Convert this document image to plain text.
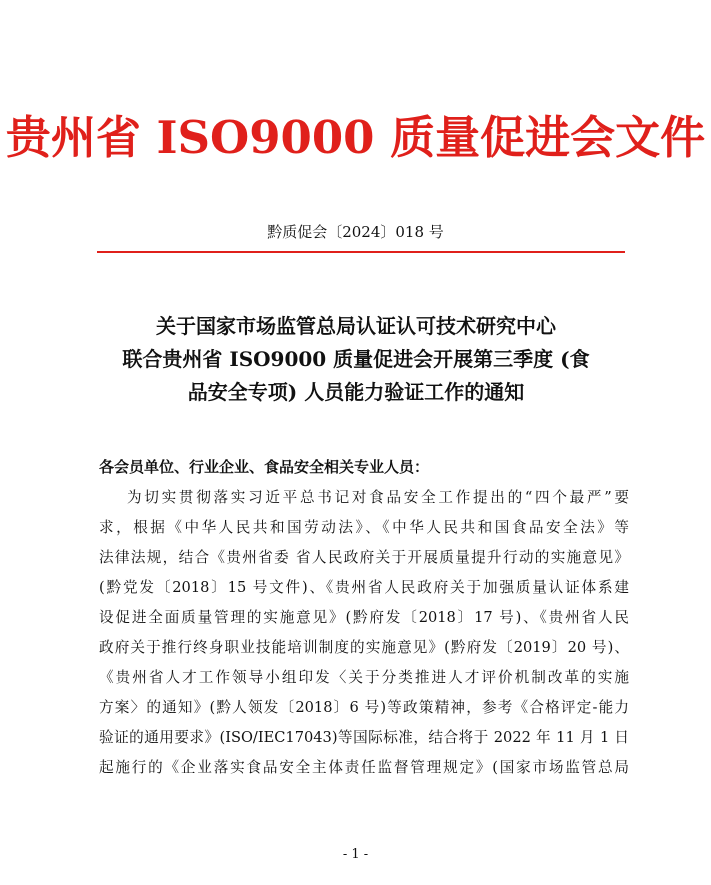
贵州省 ISO9000 质量促进会文件
黔质促会〔2024〕018 号
关于国家市场监管总局认证认可技术研究中心
联合贵州省 ISO9000 质量促进会开展第三季度 (食
品安全专项) 人员能力验证工作的通知
各会员单位、行业企业、食品安全相关专业人员：
为切实贯彻落实习近平总书记对食品安全工作提出的“四个最严”要
求，根据《中华人民共和国劳动法》、《中华人民共和国食品安全法》等
法律法规，结合《贵州省委 省人民政府关于开展质量提升行动的实施意见》
(黔党发〔2018〕15 号文件)、《贵州省人民政府关于加强质量认证体系建
设促进全面质量管理的实施意见》(黔府发〔2018〕17 号)、《贵州省人民
政府关于推行终身职业技能培训制度的实施意见》(黔府发〔2019〕20 号)、
《贵州省人才工作领导小组印发〈关于分类推进人才评价机制改革的实施
方案〉的通知》(黔人领发〔2018〕6 号)等政策精神，参考《合格评定-能力
验证的通用要求》(ISO/IEC17043)等国际标准，结合将于 2022 年 11 月 1 日
起施行的《企业落实食品安全主体责任监督管理规定》(国家市场监管总局
- 1 -
